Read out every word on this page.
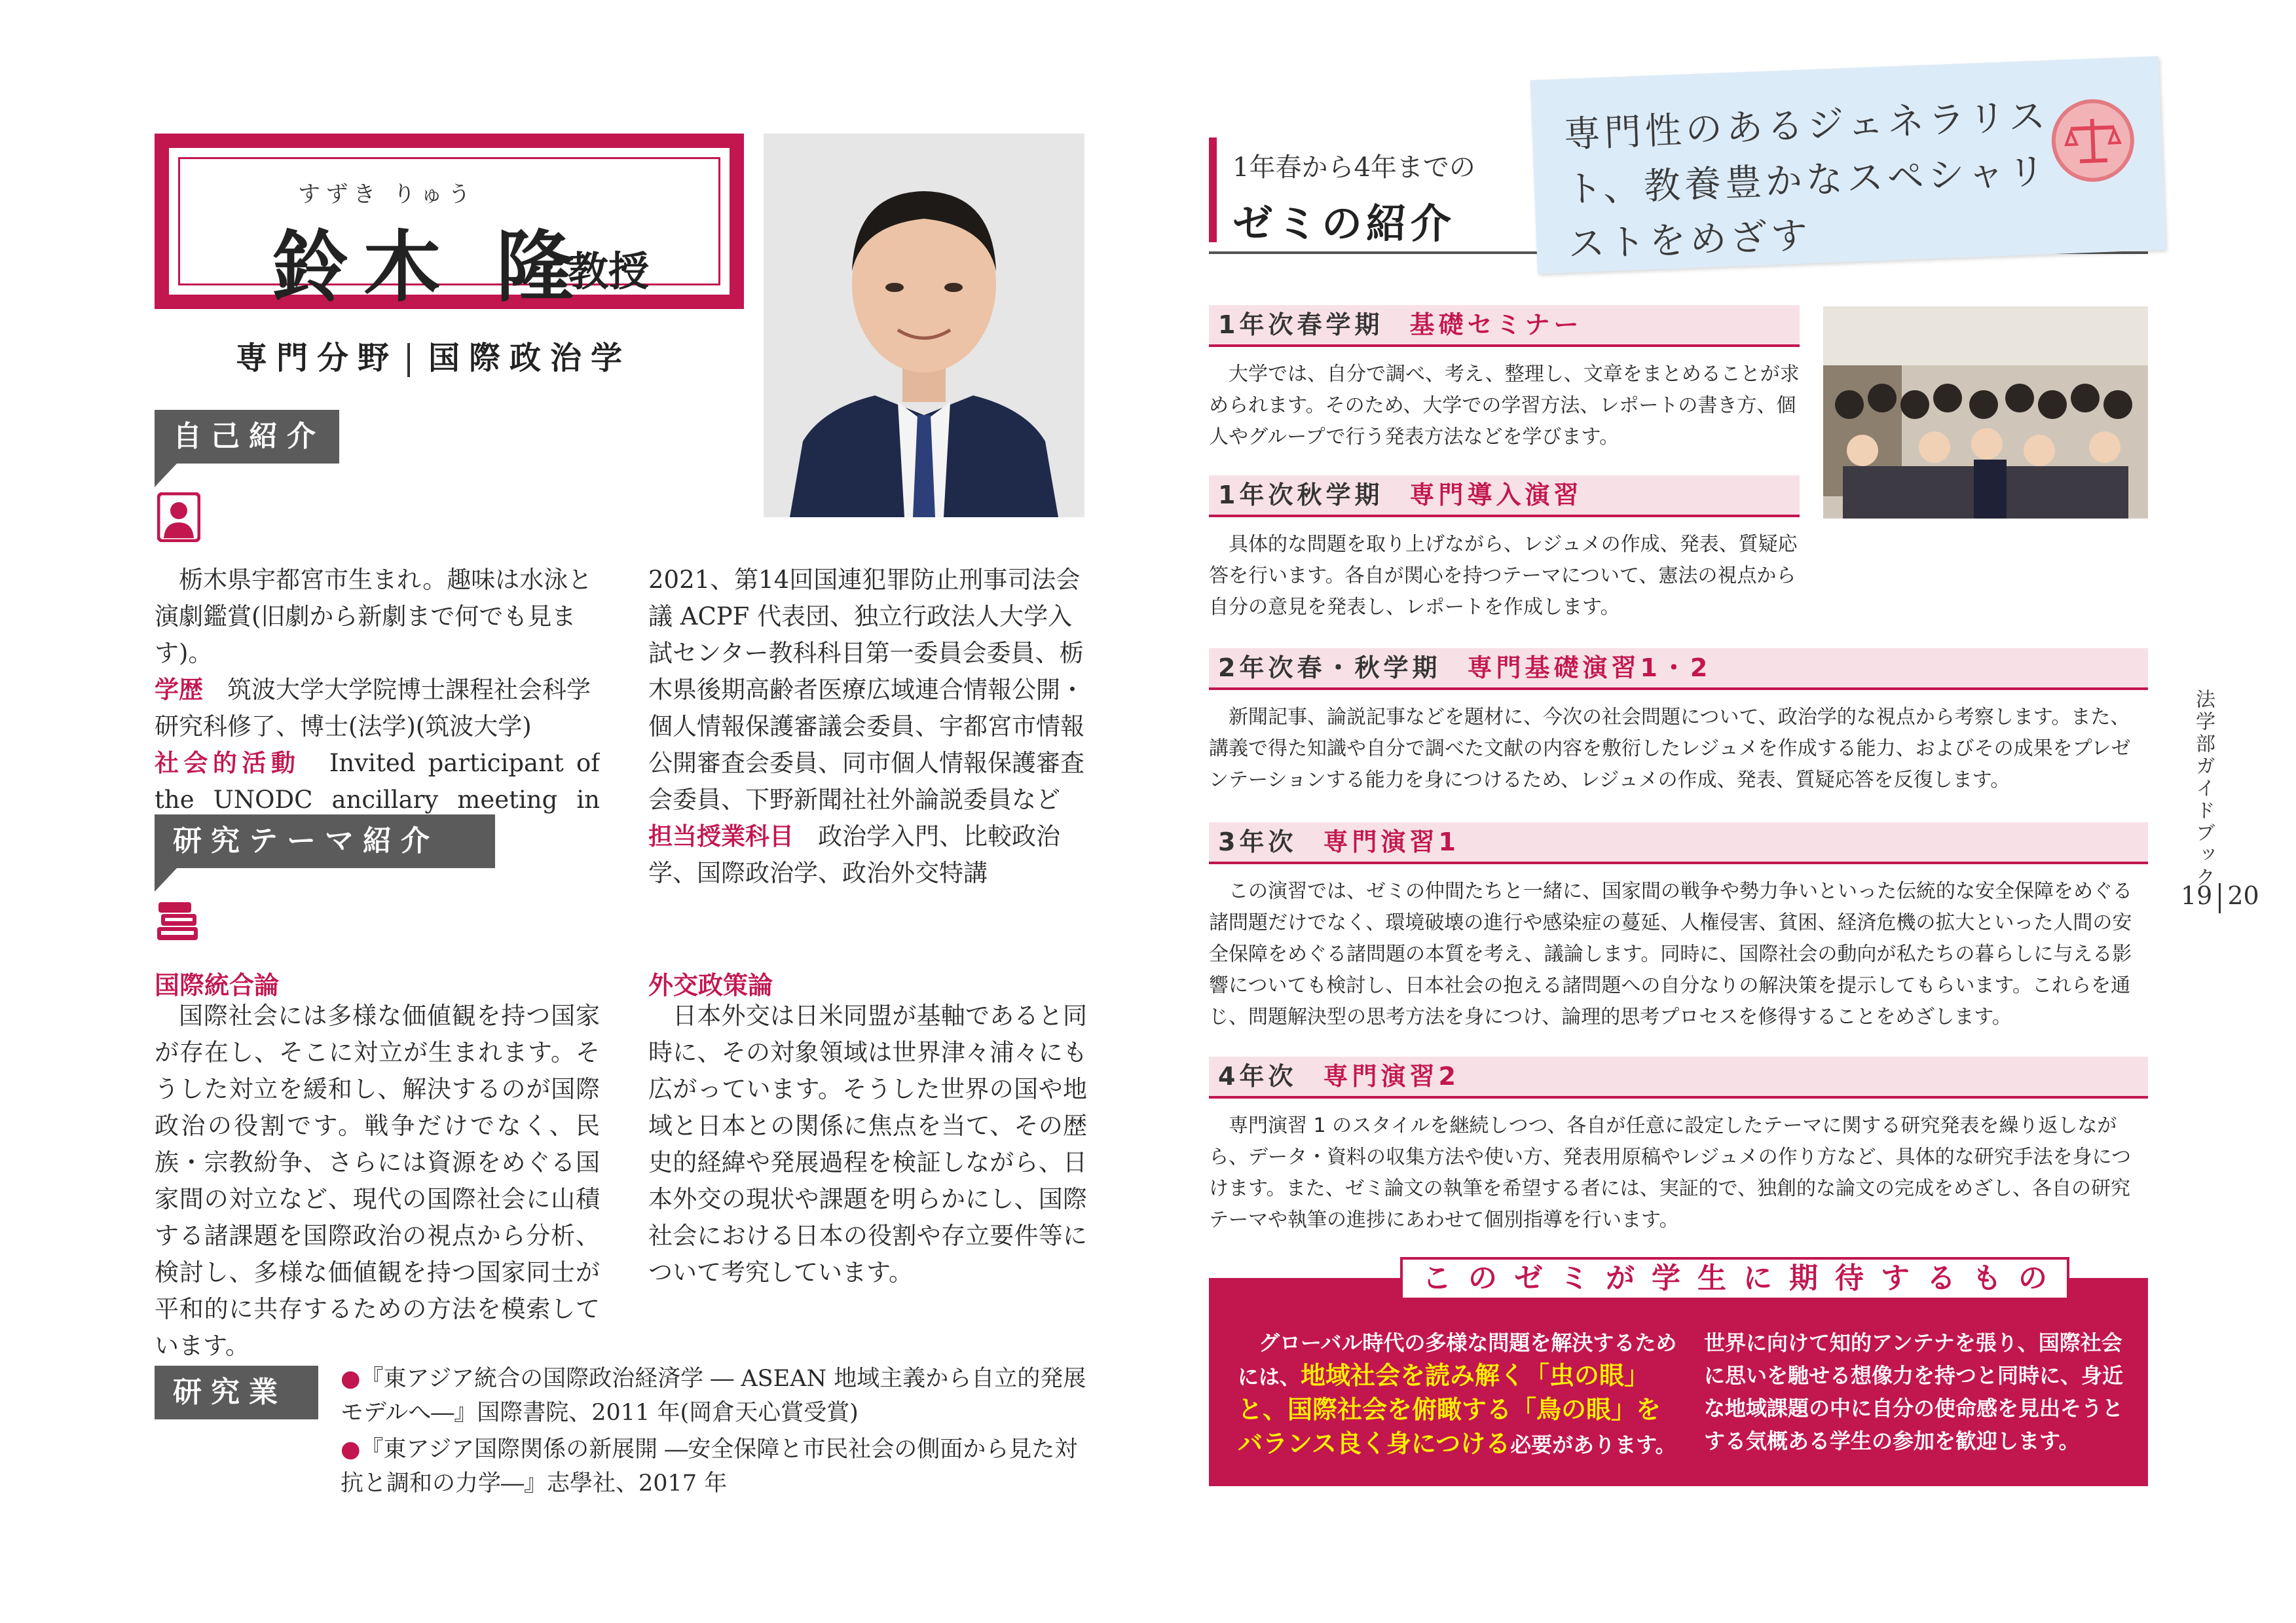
すずき りゅう
鈴木 隆
教授
専門分野 国際政治学
自己紹介

栃木県宇都宮市生まれ。趣味は水泳と演劇鑑賞(旧劇から新劇まで何でも見ます)。

学歴　 筑波大学大学院博士課程社会科学研究科修了、博士(法学)(筑波大学)

社会的活動　 Invited participant of the UNODC ancillary meeting in

2021、第14回国連犯罪防止刑事司法会議 ACPF 代表団、独立行政法人大学入試センター教科科目第一委員会委員、栃木県後期高齢者医療広域連合情報公開・個人情報保護審議会委員、宇都宮市情報公開審査会委員、同市個人情報保護審査会委員、下野新聞社社外論説委員など

担当授業科目　 政治学入門、比較政治学、国際政治学、政治外交特講

研究テーマ紹介
国際統合論
国際社会には多様な価値観を持つ国家が存在し、そこに対立が生まれます。そうした対立を緩和し、解決するのが国際政治の役割です。戦争だけでなく、民族・宗教紛争、さらには資源をめぐる国家間の対立など、現代の国際社会に山積する諸課題を国際政治の視点から分析、検討し、多様な価値観を持つ国家同士が平和的に共存するための方法を模索しています。
外交政策論
日本外交は日米同盟が基軸であると同時に、その対象領域は世界津々浦々にも広がっています。そうした世界の国や地域と日本との関係に焦点を当て、その歴史的経緯や発展過程を検証しながら、日本外交の現状や課題を明らかにし、国際社会における日本の役割や存立要件等について考究しています。
研究業績

●『東アジア統合の国際政治経済学 ― ASEAN 地域主義から自立的発展モデルへ―』国際書院、2011 年(岡倉天心賞受賞)

●『東アジア国際関係の新展開 ―安全保障と市民社会の側面から見た対抗と調和の力学―』志學社、2017 年

1年春から4年までの
ゼミの紹介
専門性のあるジェネラリスト、教養豊かなスペシャリストをめざす
1年次春学期 基礎セミナー
大学では、自分で調べ、考え、整理し、文章をまとめることが求められます。そのため、大学での学習方法、レポートの書き方、個人やグループで行う発表方法などを学びます。
1年次秋学期 専門導入演習
具体的な問題を取り上げながら、レジュメの作成、発表、質疑応答を行います。各自が関心を持つテーマについて、憲法の視点から自分の意見を発表し、レポートを作成します。
2年次春・秋学期 専門基礎演習1・2
新聞記事、論説記事などを題材に、今次の社会問題について、政治学的な視点から考察します。また、講義で得た知識や自分で調べた文献の内容を敷衍したレジュメを作成する能力、およびその成果をプレゼンテーションする能力を身につけるため、レジュメの作成、発表、質疑応答を反復します。
3年次 専門演習1
この演習では、ゼミの仲間たちと一緒に、国家間の戦争や勢力争いといった伝統的な安全保障をめぐる諸問題だけでなく、環境破壊の進行や感染症の蔓延、人権侵害、貧困、経済危機の拡大といった人間の安全保障をめぐる諸問題の本質を考え、議論します。同時に、国際社会の動向が私たちの暮らしに与える影響についても検討し、日本社会の抱える諸問題への自分なりの解決策を提示してもらいます。これらを通じ、問題解決型の思考方法を身につけ、論理的思考プロセスを修得することをめざします。
4年次 専門演習2
専門演習 1 のスタイルを継続しつつ、各自が任意に設定したテーマに関する研究発表を繰り返しながら、データ・資料の収集方法や使い方、発表用原稿やレジュメの作り方など、具体的な研究手法を身につけます。また、ゼミ論文の執筆を希望する者には、実証的で、独創的な論文の完成をめざし、各自の研究テーマや執筆の進捗にあわせて個別指導を行います。
このゼミが学生に期待するもの
グローバル時代の多様な問題を解決するためには、地域社会を読み解く「虫の眼」と、国際社会を俯瞰する「鳥の眼」をバランス良く身につける必要があります。
世界に向けて知的アンテナを張り、国際社会に思いを馳せる想像力を持つと同時に、身近な地域課題の中に自分の使命感を見出そうとする気概ある学生の参加を歓迎します。
法学部ガイドブック
19 20
